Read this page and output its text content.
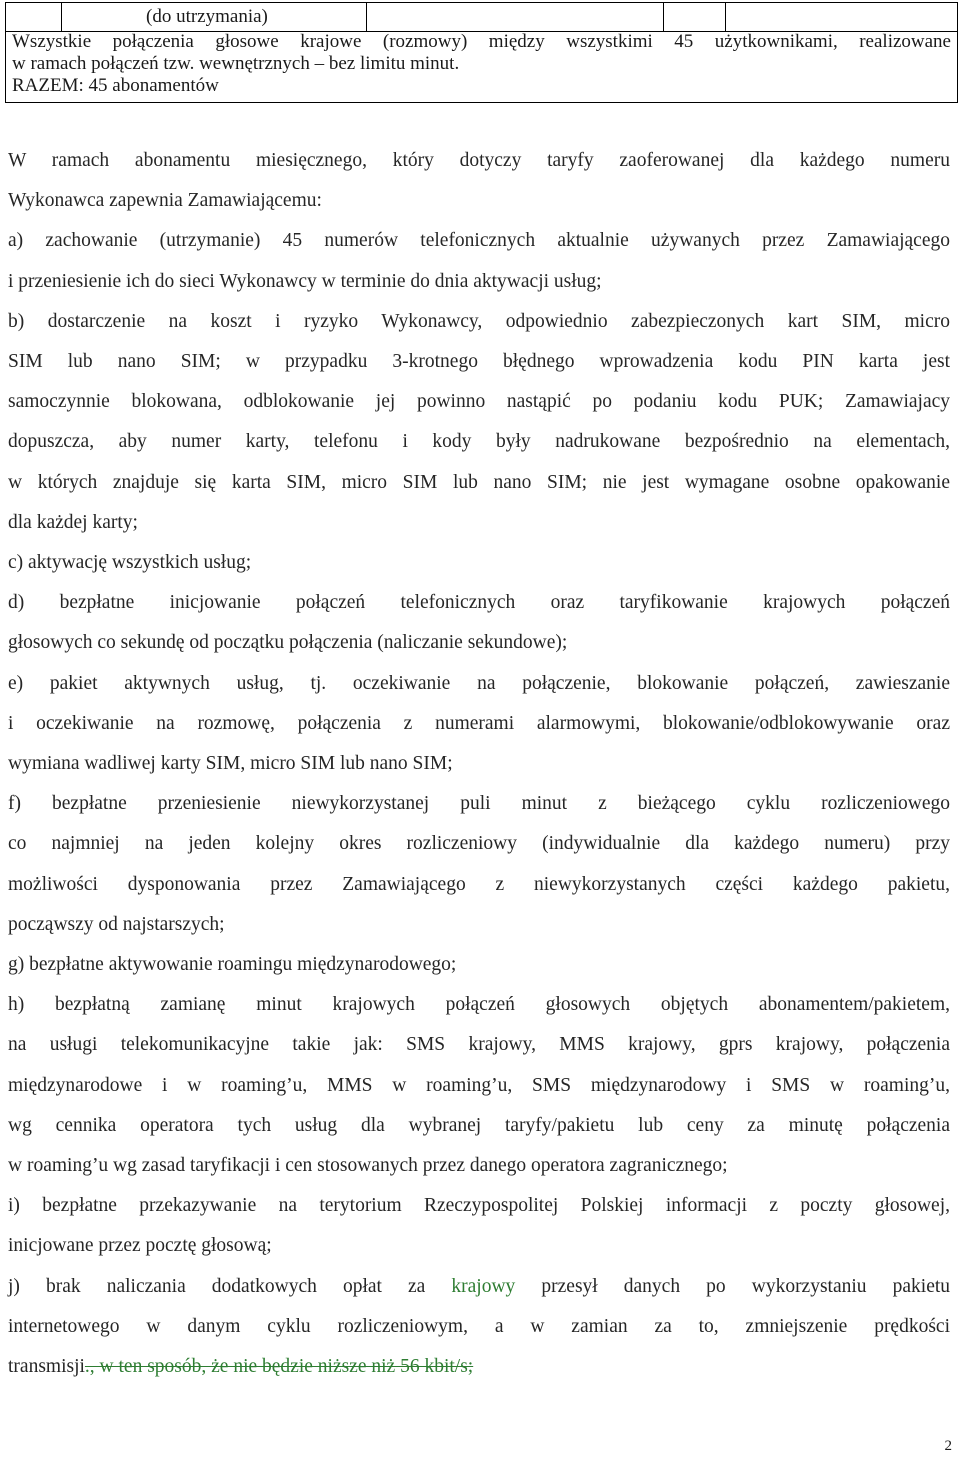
(do utrzymania)
Wszystkie połączenia głosowe krajowe (rozmowy) między wszystkimi 45 użytkownikami, realizowane
w ramach połączeń tzw. wewnętrznych – bez limitu minut.
RAZEM: 45 abonamentów

W ramach abonamentu miesięcznego, który dotyczy taryfy zaoferowanej dla każdego numeru

Wykonawca zapewnia Zamawiającemu:

a) zachowanie (utrzymanie) 45 numerów telefonicznych aktualnie używanych przez Zamawiającego

i przeniesienie ich do sieci Wykonawcy w terminie do dnia aktywacji usług;

b) dostarczenie na koszt i ryzyko Wykonawcy, odpowiednio zabezpieczonych kart SIM, micro

SIM lub nano SIM; w przypadku 3-krotnego błędnego wprowadzenia kodu PIN karta jest

samoczynnie blokowana, odblokowanie jej powinno nastąpić po podaniu kodu PUK; Zamawiajacy

dopuszcza, aby numer karty, telefonu i kody były nadrukowane bezpośrednio na elementach,

w których znajduje się karta SIM, micro SIM lub nano SIM; nie jest wymagane osobne opakowanie

dla każdej karty;

c) aktywację wszystkich usług;

d) bezpłatne inicjowanie połączeń telefonicznych oraz taryfikowanie krajowych połączeń

głosowych co sekundę od początku połączenia (naliczanie sekundowe);

e) pakiet aktywnych usług, tj. oczekiwanie na połączenie, blokowanie połączeń, zawieszanie

i oczekiwanie na rozmowę, połączenia z numerami alarmowymi, blokowanie/odblokowywanie oraz

wymiana wadliwej karty SIM, micro SIM lub nano SIM;

f) bezpłatne przeniesienie niewykorzystanej puli minut z bieżącego cyklu rozliczeniowego

co najmniej na jeden kolejny okres rozliczeniowy (indywidualnie dla każdego numeru) przy

możliwości dysponowania przez Zamawiającego z niewykorzystanych części każdego pakietu,

począwszy od najstarszych;

g) bezpłatne aktywowanie roamingu międzynarodowego;

h) bezpłatną zamianę minut krajowych połączeń głosowych objętych abonamentem/pakietem,

na usługi telekomunikacyjne takie jak: SMS krajowy, MMS krajowy, gprs krajowy, połączenia

międzynarodowe i w roaming’u, MMS w roaming’u, SMS międzynarodowy i SMS w roaming’u,

wg cennika operatora tych usług dla wybranej taryfy/pakietu lub ceny za minutę połączenia

w roaming’u wg zasad taryfikacji i cen stosowanych przez danego operatora zagranicznego;

i) bezpłatne przekazywanie na terytorium Rzeczypospolitej Polskiej informacji z poczty głosowej,

inicjowane przez pocztę głosową;

j) brak naliczania dodatkowych opłat za krajowy przesył danych po wykorzystaniu pakietu

internetowego w danym cyklu rozliczeniowym, a w zamian za to, zmniejszenie prędkości

transmisji., w ten sposób, że nie będzie niższe niż 56 kbit/s;

2
